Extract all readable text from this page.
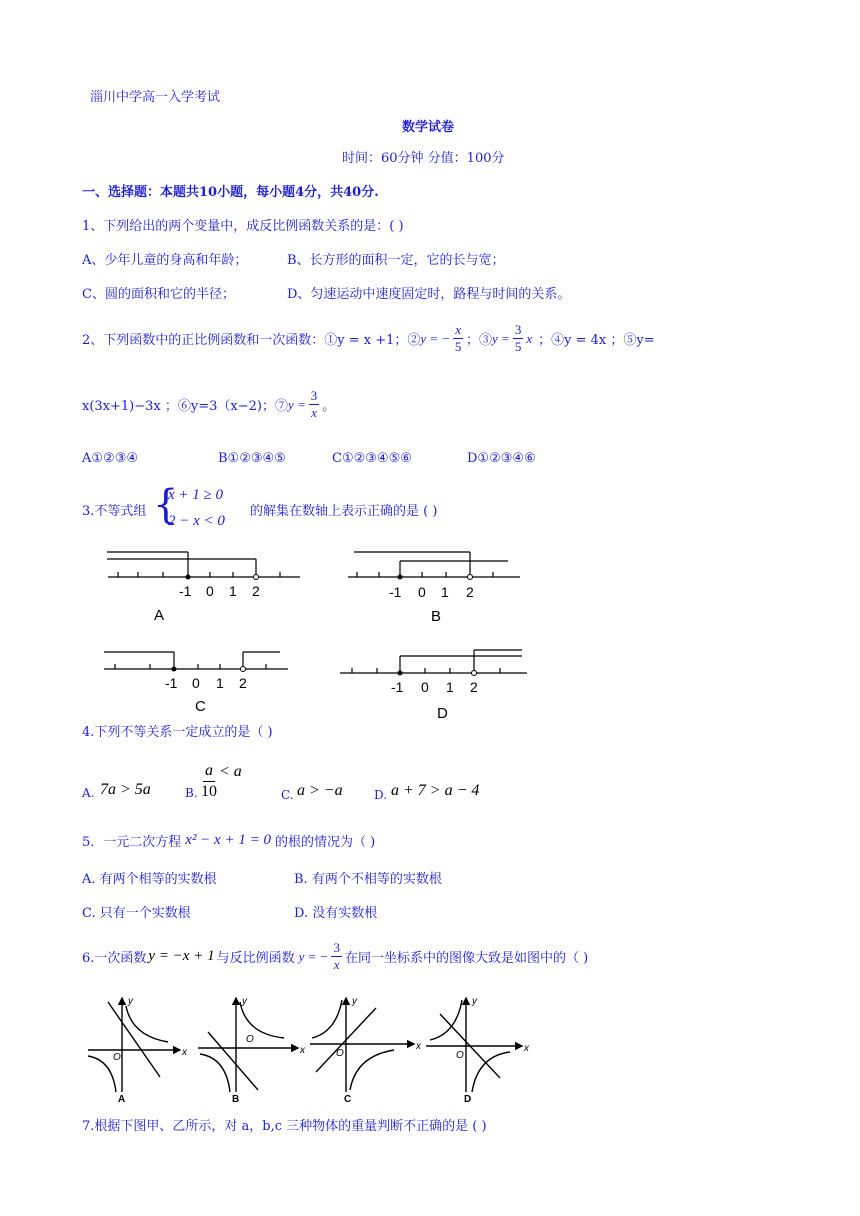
淄川中学高一入学考试
数学试卷
时间：60分钟 分值：100分
一、选择题：本题共10小题，每小题4分，共40分.
1、下列给出的两个变量中，成反比例函数关系的是：( )
A、少年儿童的身高和年龄；	B、长方形的面积一定，它的长与宽；
C、圆的面积和它的半径；	D、匀速运动中速度固定时，路程与时间的关系。
2、下列函数中的正比例函数和一次函数：①y = x +1；② y = − $\frac{x}{5}$ ；③ $y = \frac{3}{5}$ x ；④y = 4x ；⑤y=
x(3x+1)−3x ；⑥y=3（x−2)；⑦ $y = \frac{3}{x}$ 。
A①②③④	B①②③④⑤	C①②③④⑤⑥	D①②③④⑥
3.不等式组 {
x + 1 ≥ 0
2 − x < 0
的解集在数轴上表示正确的是 ( )
-1 0 1 2
A
-1 0 1 2
B
-1 0 1 2
C
-1 0 1 2
D
4.下列不等关系一定成立的是（ )
A. 7a > 5a	B. $\frac{a}{10} < a$
C. a > −a	D. a + 7 > a − 4
5．一元二次方程 x² − x + 1 = 0 的根的情况为（ )
A. 有两个相等的实数根	B. 有两个不相等的实数根
C. 只有一个实数根	D. 没有实数根
6.一次函数 y = −x + 1 与反比例函数 y = − $\frac{3}{x}$ 在同一坐标系中的图像大致是如图中的（ )
y
x
O
A
y
x
O
B
y
x
O
C
y
x
O
D
7.根据下图甲、乙所示，对 a，b,c 三种物体的重量判断不正确的是 ( )
